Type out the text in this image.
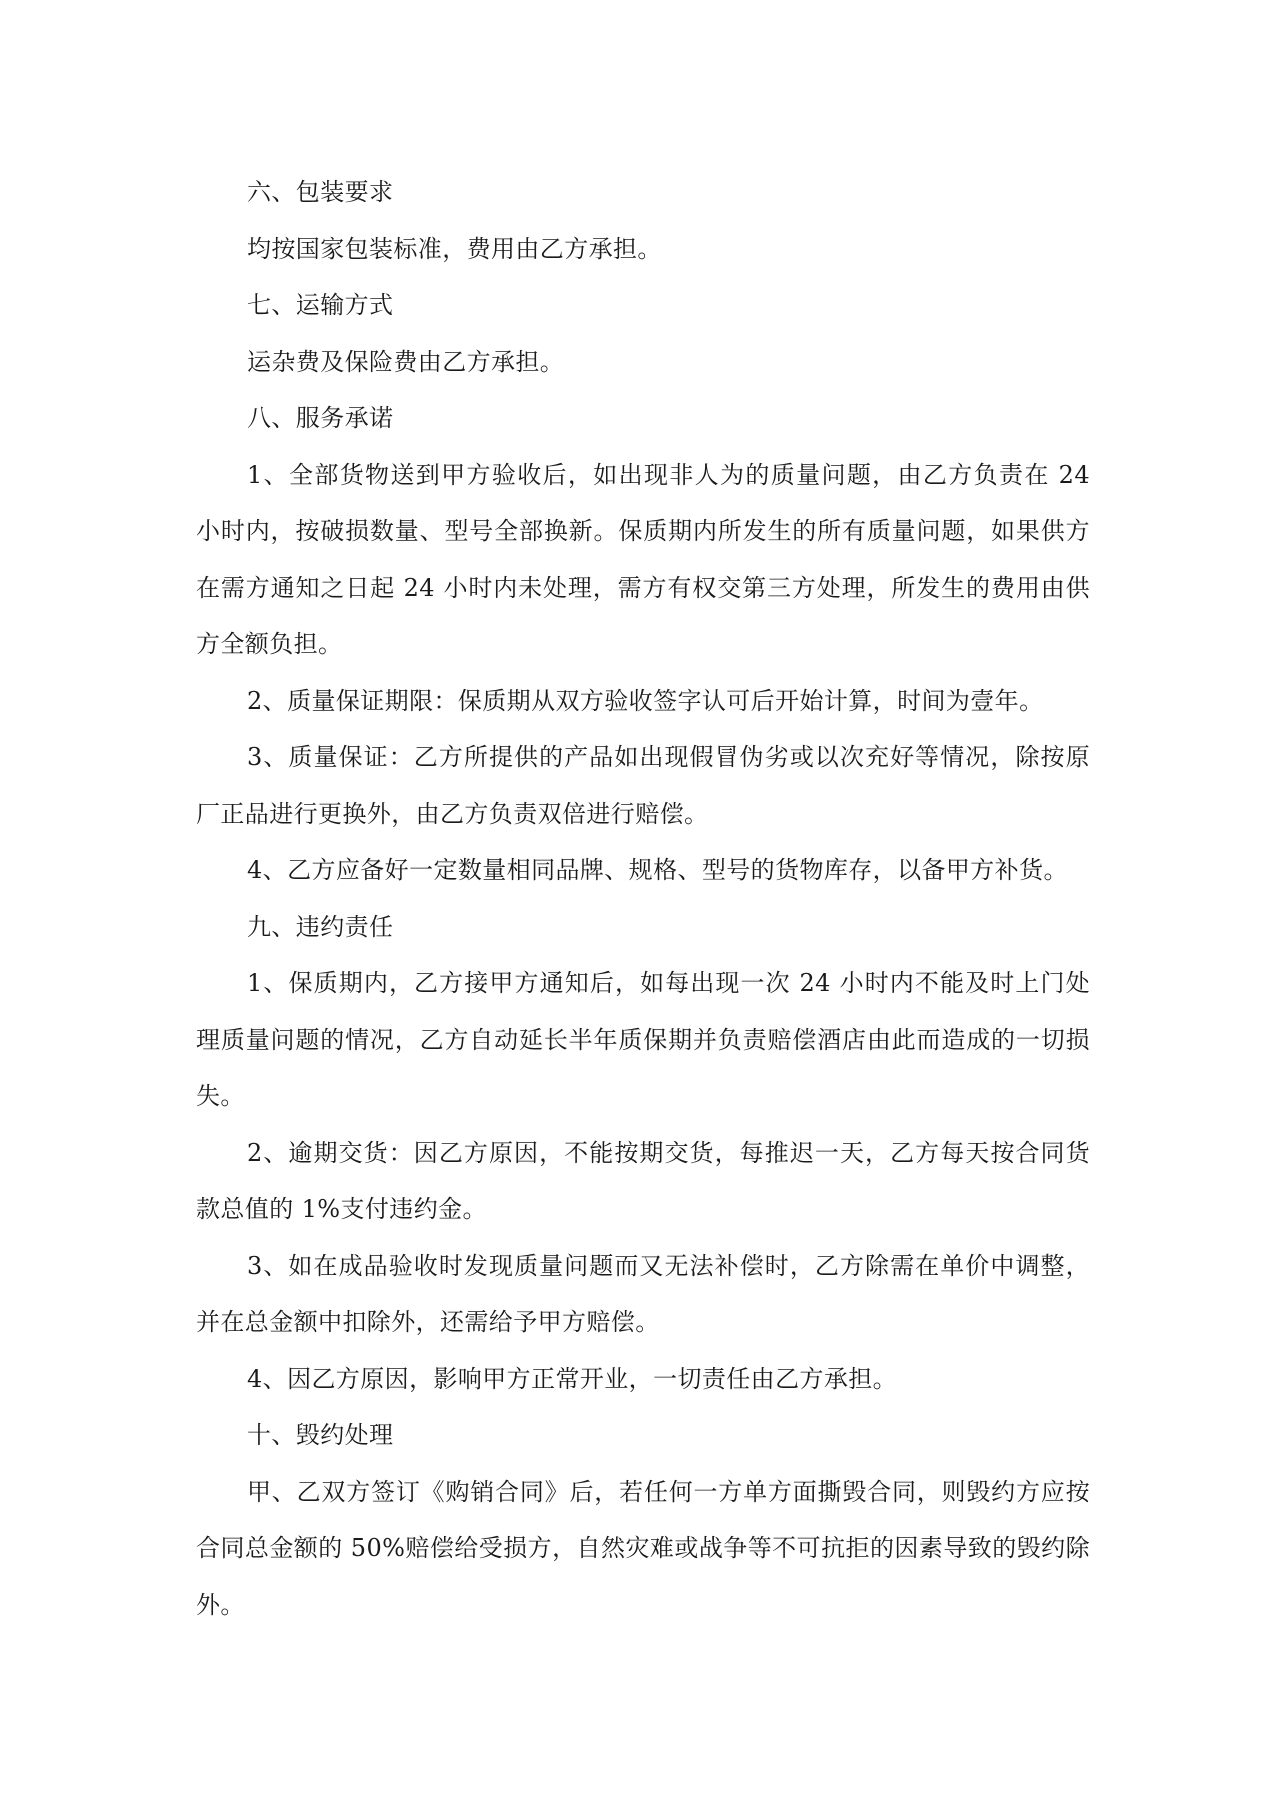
六、包装要求

均按国家包装标准，费用由乙方承担。

七、运输方式

运杂费及保险费由乙方承担。

八、服务承诺

1、全部货物送到甲方验收后，如出现非人为的质量问题，由乙方负责在 24 小时内，按破损数量、型号全部换新。保质期内所发生的所有质量问题，如果供方在需方通知之日起 24 小时内未处理，需方有权交第三方处理，所发生的费用由供方全额负担。

2、质量保证期限：保质期从双方验收签字认可后开始计算，时间为壹年。

3、质量保证：乙方所提供的产品如出现假冒伪劣或以次充好等情况，除按原厂正品进行更换外，由乙方负责双倍进行赔偿。

4、乙方应备好一定数量相同品牌、规格、型号的货物库存，以备甲方补货。

九、违约责任

1、保质期内，乙方接甲方通知后，如每出现一次 24 小时内不能及时上门处理质量问题的情况，乙方自动延长半年质保期并负责赔偿酒店由此而造成的一切损失。

2、逾期交货：因乙方原因，不能按期交货，每推迟一天，乙方每天按合同货款总值的 1%支付违约金。

3、如在成品验收时发现质量问题而又无法补偿时，乙方除需在单价中调整，并在总金额中扣除外，还需给予甲方赔偿。

4、因乙方原因，影响甲方正常开业，一切责任由乙方承担。

十、毁约处理

甲、乙双方签订《购销合同》后，若任何一方单方面撕毁合同，则毁约方应按合同总金额的 50%赔偿给受损方，自然灾难或战争等不可抗拒的因素导致的毁约除外。
